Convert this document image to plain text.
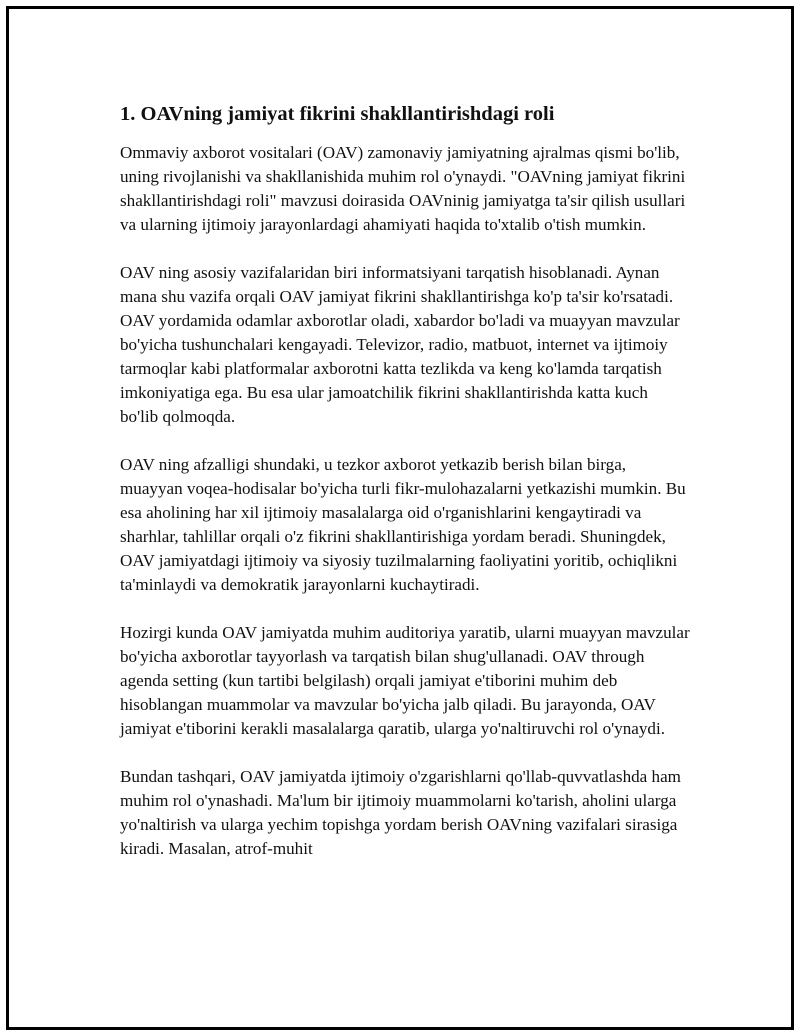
1. OAVning jamiyat fikrini shakllantirishdagi roli

Ommaviy axborot vositalari (OAV) zamonaviy jamiyatning ajralmas qismi bo'lib, uning rivojlanishi va shakllanishida muhim rol o'ynaydi. "OAVning jamiyat fikrini shakllantirishdagi roli" mavzusi doirasida OAVninig jamiyatga ta'sir qilish usullari va ularning ijtimoiy jarayonlardagi ahamiyati haqida to'xtalib o'tish mumkin.

OAV ning asosiy vazifalaridan biri informatsiyani tarqatish hisoblanadi. Aynan mana shu vazifa orqali OAV jamiyat fikrini shakllantirishga ko'p ta'sir ko'rsatadi. OAV yordamida odamlar axborotlar oladi, xabardor bo'ladi va muayyan mavzular bo'yicha tushunchalari kengayadi. Televizor, radio, matbuot, internet va ijtimoiy tarmoqlar kabi platformalar axborotni katta tezlikda va keng ko'lamda tarqatish imkoniyatiga ega. Bu esa ular jamoatchilik fikrini shakllantirishda katta kuch bo'lib qolmoqda.

OAV ning afzalligi shundaki, u tezkor axborot yetkazib berish bilan birga, muayyan voqea-hodisalar bo'yicha turli fikr-mulohazalarni yetkazishi mumkin. Bu esa aholining har xil ijtimoiy masalalarga oid o'rganishlarini kengaytiradi va sharhlar, tahlillar orqali o'z fikrini shakllantirishiga yordam beradi. Shuningdek, OAV jamiyatdagi ijtimoiy va siyosiy tuzilmalarning faoliyatini yoritib, ochiqlikni ta'minlaydi va demokratik jarayonlarni kuchaytiradi.

Hozirgi kunda OAV jamiyatda muhim auditoriya yaratib, ularni muayyan mavzular bo'yicha axborotlar tayyorlash va tarqatish bilan shug'ullanadi. OAV through agenda setting (kun tartibi belgilash) orqali jamiyat e'tiborini muhim deb hisoblangan muammolar va mavzular bo'yicha jalb qiladi. Bu jarayonda, OAV jamiyat e'tiborini kerakli masalalarga qaratib, ularga yo'naltiruvchi rol o'ynaydi.

Bundan tashqari, OAV jamiyatda ijtimoiy o'zgarishlarni qo'llab-quvvatlashda ham muhim rol o'ynashadi. Ma'lum bir ijtimoiy muammolarni ko'tarish, aholini ularga yo'naltirish va ularga yechim topishga yordam berish OAVning vazifalari sirasiga kiradi. Masalan, atrof-muhit
